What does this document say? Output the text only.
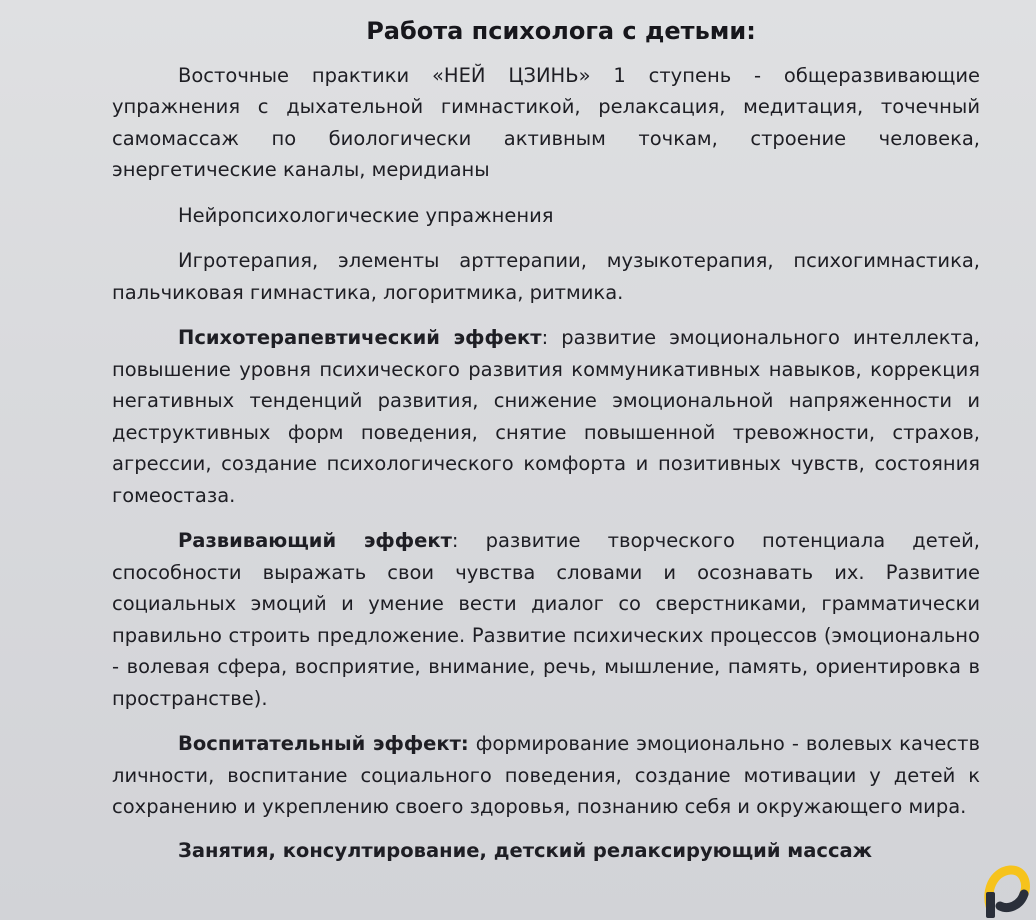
Работа психолога с детьми:

Восточные практики «НЕЙ ЦЗИНЬ» 1 ступень - общеразвивающие упражнения с дыхательной гимнастикой, релаксация, медитация, точечный самомассаж по биологически активным точкам, строение человека, энергетические каналы, меридианы

Нейропсихологические упражнения

Игротерапия, элементы арттерапии, музыкотерапия, психогимнастика, пальчиковая гимнастика, логоритмика, ритмика.

Психотерапевтический эффект: развитие эмоционального интеллекта, повышение уровня психического развития коммуникативных навыков, коррекция негативных тенденций развития, снижение эмоциональной напряженности и деструктивных форм поведения, снятие повышенной тревожности, страхов, агрессии, создание психологического комфорта и позитивных чувств, состояния гомеостаза.

Развивающий эффект: развитие творческого потенциала детей, способности выражать свои чувства словами и осознавать их. Развитие социальных эмоций и умение вести диалог со сверстниками, грамматически правильно строить предложение. Развитие психических процессов (эмоционально - волевая сфера, восприятие, внимание, речь, мышление, память, ориентировка в пространстве).

Воспитательный эффект: формирование эмоционально - волевых качеств личности, воспитание социального поведения, создание мотивации у детей к сохранению и укреплению своего здоровья, познанию себя и окружающего мира.

Занятия, консултирование, детский релаксирующий массаж
